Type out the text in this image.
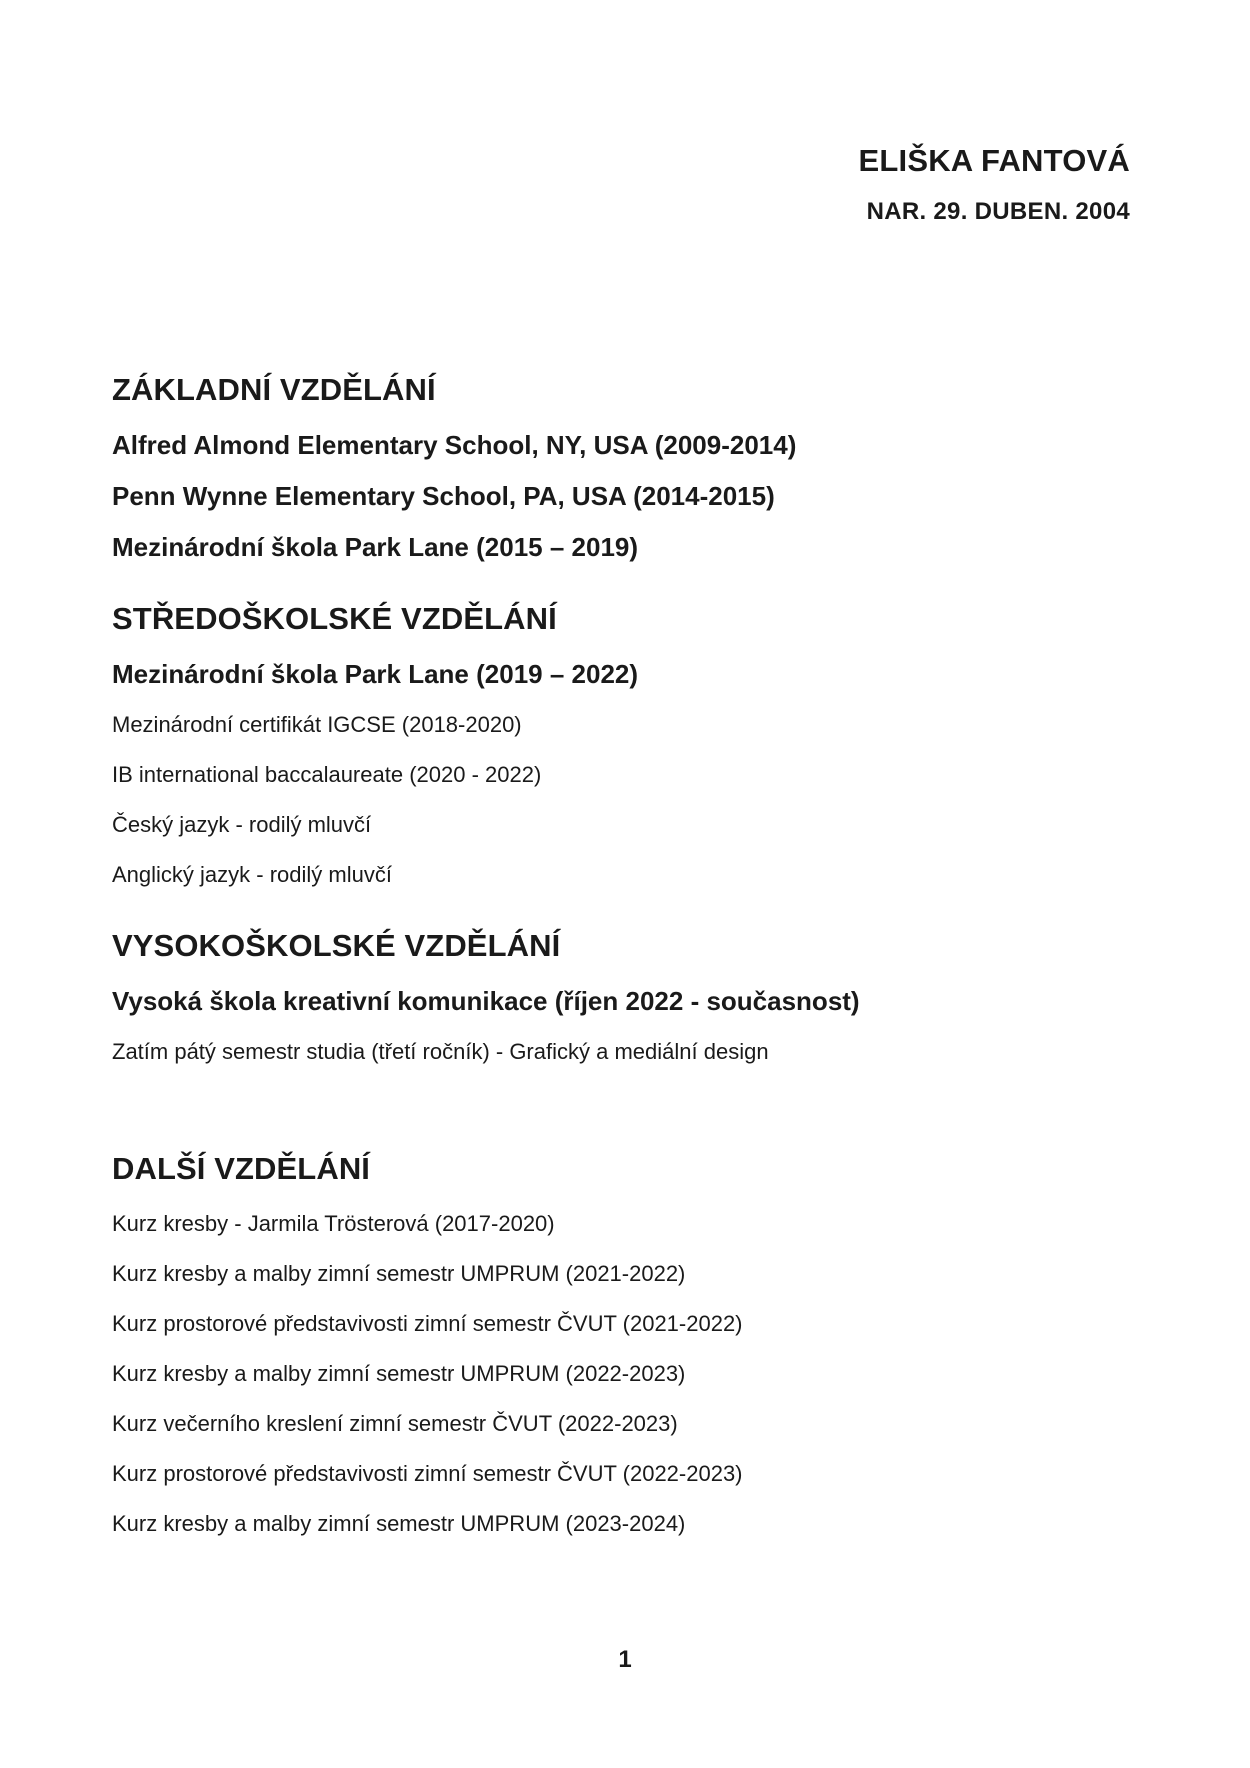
ELIŠKA FANTOVÁ
NAR. 29. DUBEN. 2004
ZÁKLADNÍ VZDĚLÁNÍ
Alfred Almond Elementary School, NY, USA (2009-2014)
Penn Wynne Elementary School, PA, USA (2014-2015)
Mezinárodní škola Park Lane (2015 – 2019)
STŘEDOŠKOLSKÉ VZDĚLÁNÍ
Mezinárodní škola Park Lane (2019 – 2022)
Mezinárodní certifikát IGCSE (2018-2020)
IB international baccalaureate (2020 - 2022)
Český jazyk - rodilý mluvčí
Anglický jazyk - rodilý mluvčí
VYSOKOŠKOLSKÉ VZDĚLÁNÍ
Vysoká škola kreativní komunikace (říjen 2022 - současnost)
Zatím pátý semestr studia (třetí ročník) - Grafický a mediální design
DALŠÍ VZDĚLÁNÍ
Kurz kresby - Jarmila Trösterová (2017-2020)
Kurz kresby a malby zimní semestr UMPRUM (2021-2022)
Kurz prostorové představivosti zimní semestr ČVUT (2021-2022)
Kurz kresby a malby zimní semestr UMPRUM (2022-2023)
Kurz večerního kreslení zimní semestr ČVUT (2022-2023)
Kurz prostorové představivosti zimní semestr ČVUT (2022-2023)
Kurz kresby a malby zimní semestr UMPRUM (2023-2024)
1
